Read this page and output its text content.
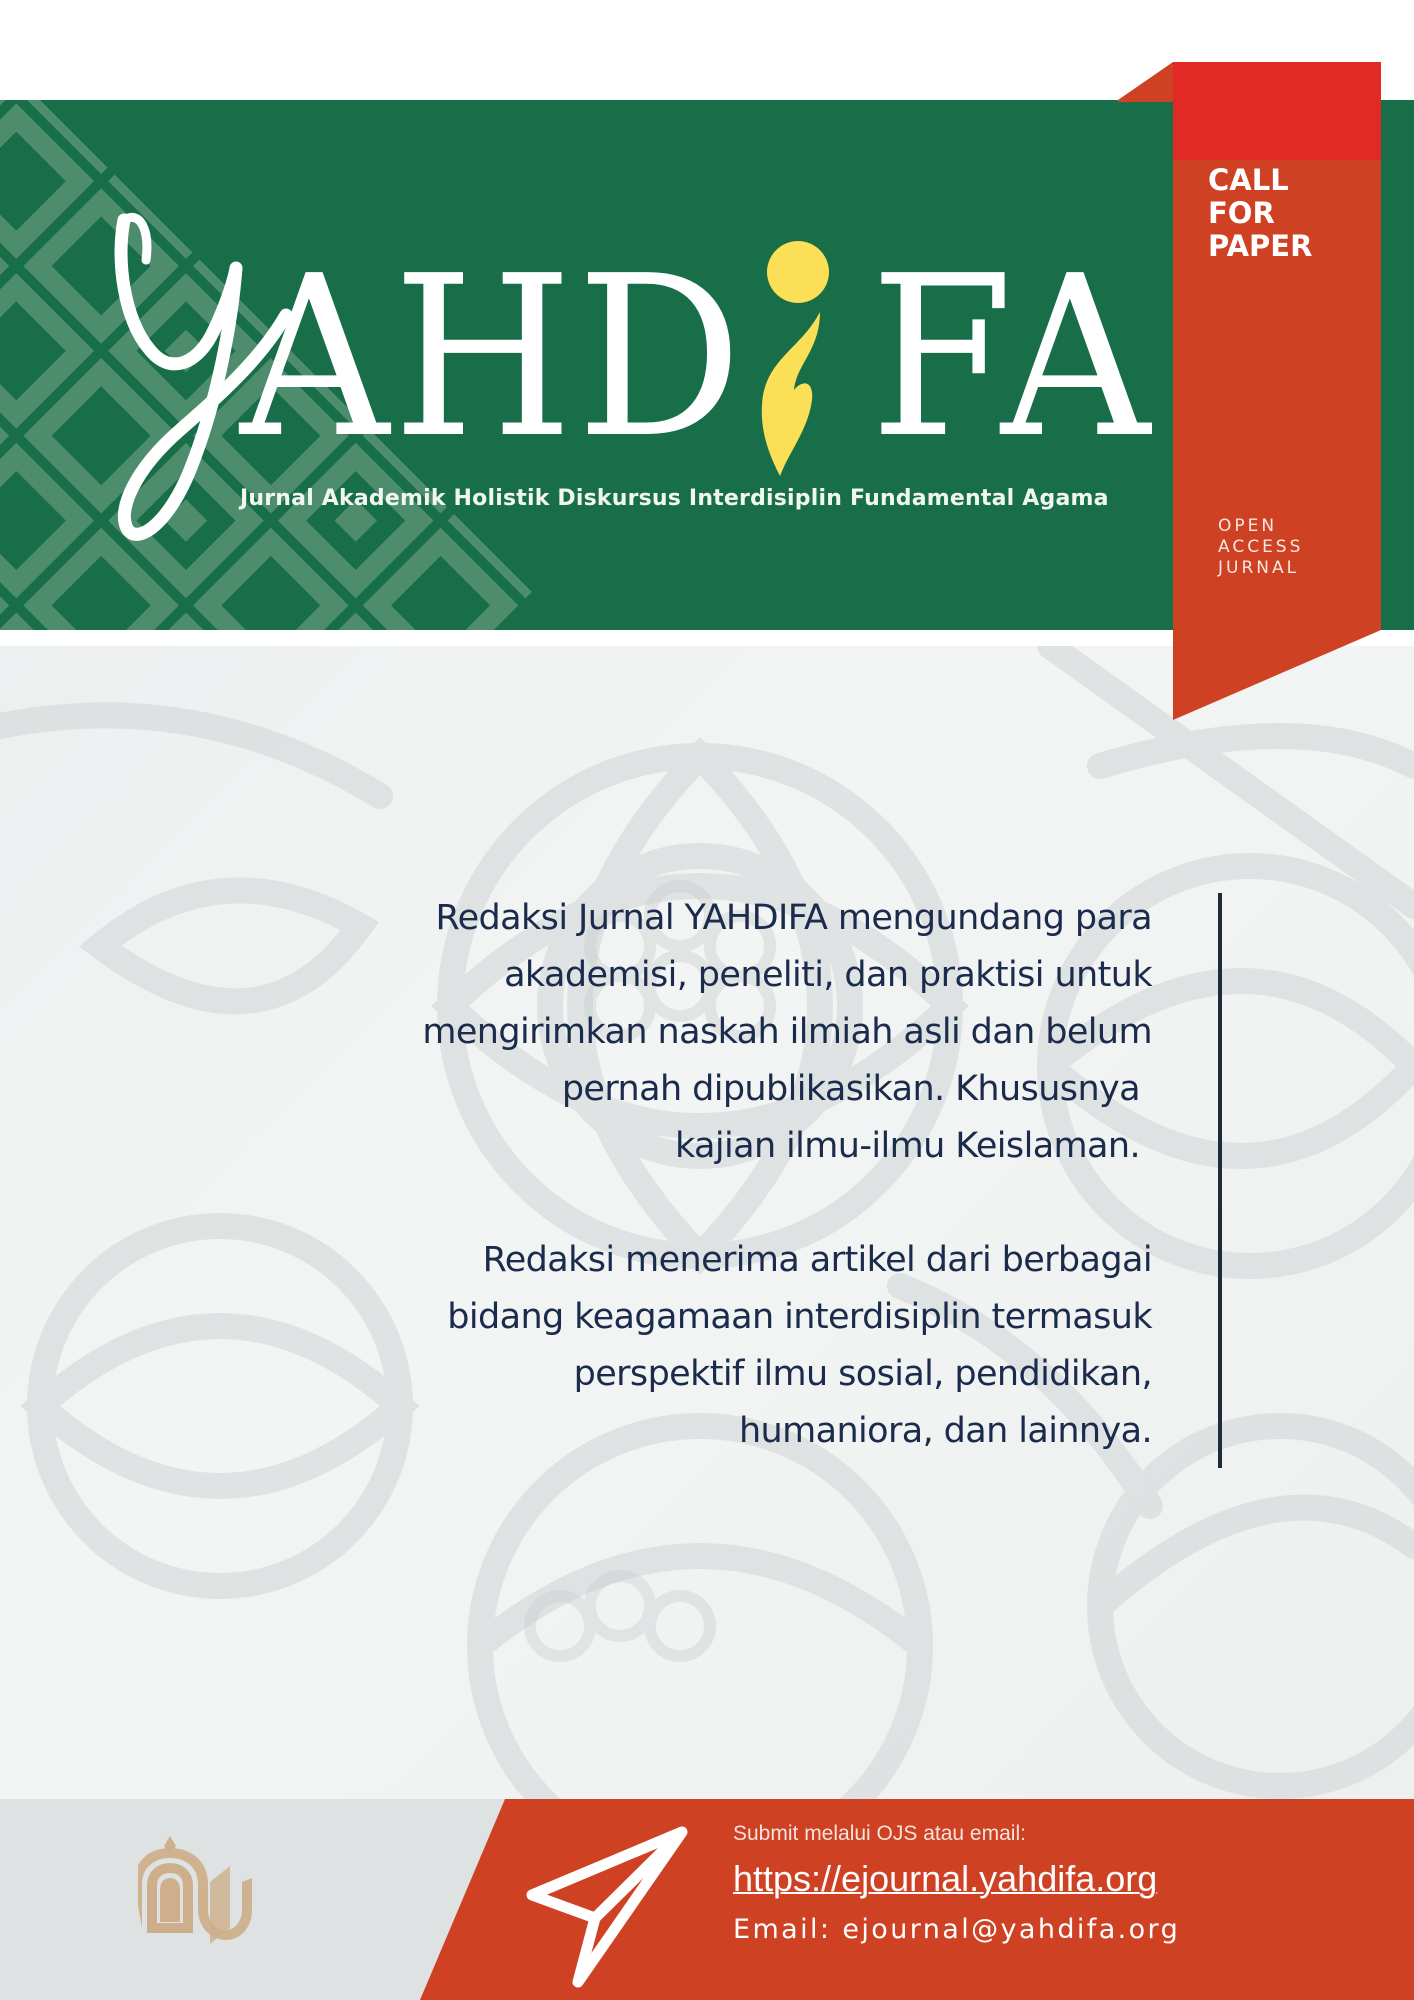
AHD FA
Jurnal Akademik Holistik Diskursus Interdisiplin Fundamental Agama
CALL
FOR
PAPER
OPEN
ACCESS
JURNAL

Redaksi Jurnal YAHDIFA mengundang para
akademisi, peneliti, dan praktisi untuk
mengirimkan naskah ilmiah asli dan belum
pernah dipublikasikan. Khususnya
kajian ilmu-ilmu Keislaman.

Redaksi menerima artikel dari berbagai
bidang keagamaan interdisiplin termasuk
perspektif ilmu sosial, pendidikan,
humaniora, dan lainnya.

Submit melalui OJS atau email:
https://ejournal.yahdifa.org
Email: ejournal@yahdifa.org
